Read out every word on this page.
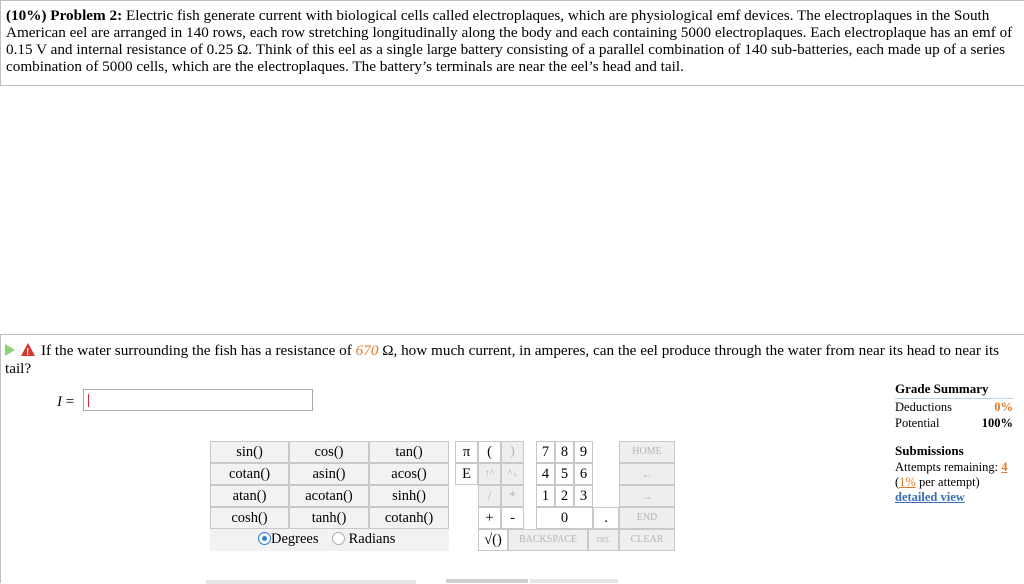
(10%) Problem 2: Electric fish generate current with biological cells called electroplaques, which are physiological emf devices. The electroplaques in the South American eel are arranged in 140 rows, each row stretching longitudinally along the body and each containing 5000 electroplaques. Each electroplaque has an emf of 0.15 V and internal resistance of 0.25 Ω. Think of this eel as a single large battery consisting of a parallel combination of 140 sub-batteries, each made up of a series combination of 5000 cells, which are the electroplaques. The battery’s terminals are near the eel’s head and tail.
!If the water surrounding the fish has a resistance of 670 Ω, how much current, in amperes, can the eel produce through the water from near its head to near its tail?
I =
Grade Summary
Deductions	0%
Potential	100%
Submissions
Attempts remaining: 4
(1% per attempt)
detailed view
sin()	cos()	tan()
cotan()	asin()	acos()
atan()	acotan()	sinh()
cosh()	tanh()	cotanh()
Degrees	Radians
π	(	)
E	↑^	^↓
/	*
+	-
√()
7 8 9
4 5 6
1 2 3
0	.
HOME
←
→
END
BACKSPACE	DEL	CLEAR
